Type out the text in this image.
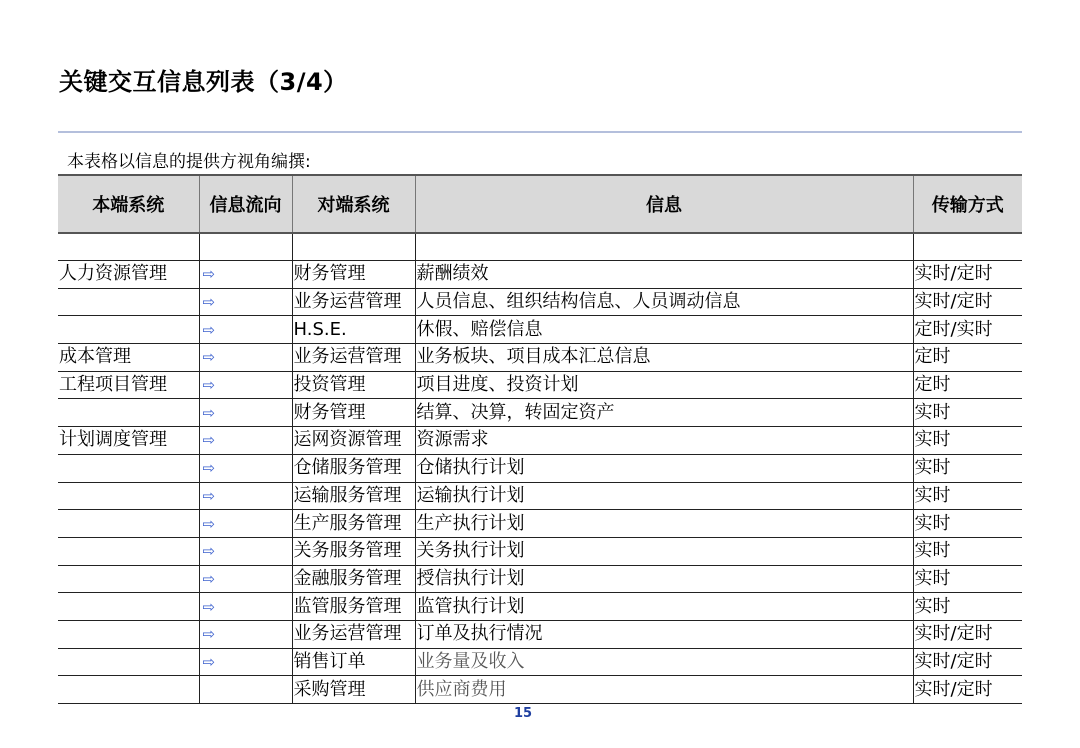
关键交互信息列表（3/4）
本表格以信息的提供方视角编撰:
本端系统	信息流向	对端系统	信息	传输方式

人力资源管理	⇨	财务管理	薪酬绩效	实时/定时
	⇨	业务运营管理	人员信息、组织结构信息、人员调动信息	实时/定时
	⇨	H.S.E.	休假、赔偿信息	定时/实时
成本管理	⇨	业务运营管理	业务板块、项目成本汇总信息	定时
工程项目管理	⇨	投资管理	项目进度、投资计划	定时
	⇨	财务管理	结算、决算，转固定资产	实时
计划调度管理	⇨	运网资源管理	资源需求	实时
	⇨	仓储服务管理	仓储执行计划	实时
	⇨	运输服务管理	运输执行计划	实时
	⇨	生产服务管理	生产执行计划	实时
	⇨	关务服务管理	关务执行计划	实时
	⇨	金融服务管理	授信执行计划	实时
	⇨	监管服务管理	监管执行计划	实时
	⇨	业务运营管理	订单及执行情况	实时/定时
	⇨	销售订单	业务量及收入	实时/定时
		采购管理	供应商费用	实时/定时
15
